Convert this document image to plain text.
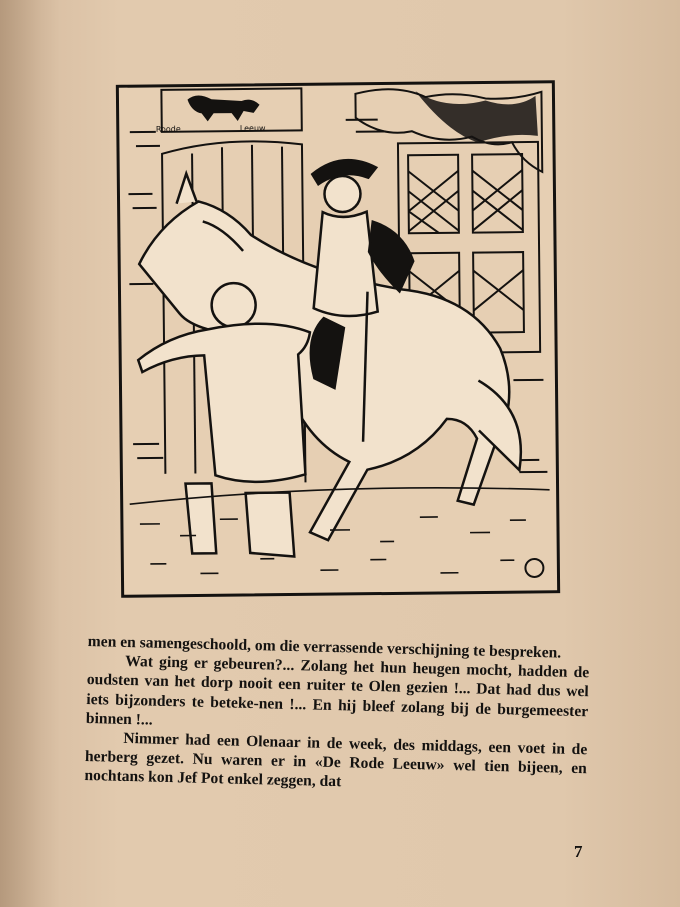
Roode	Leeuw

men en samengeschoold, om die verrassende verschijning te bespreken.

Wat ging er gebeuren?... Zolang het hun heugen mocht, hadden de oudsten van het dorp nooit een ruiter te Olen gezien !... Dat had dus wel iets bijzonders te beteke-nen !... En hij bleef zolang bij de burgemeester binnen !...

Nimmer had een Olenaar in de week, des middags, een voet in de herberg gezet. Nu waren er in «De Rode Leeuw» wel tien bijeen, en nochtans kon Jef Pot enkel zeggen, dat

7
